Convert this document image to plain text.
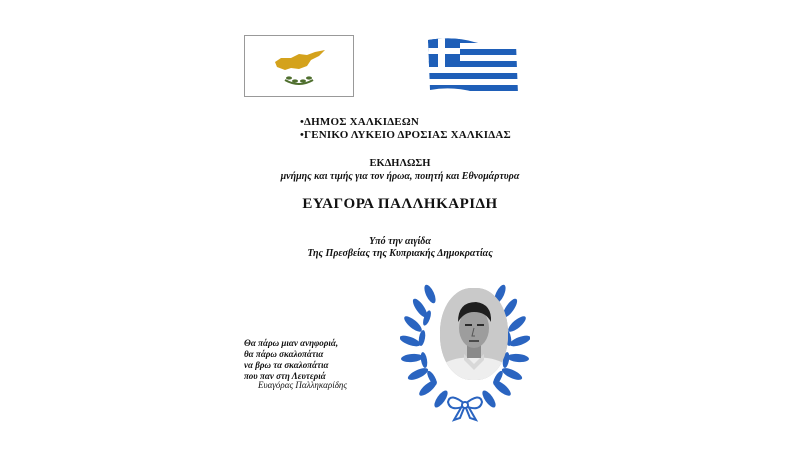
•ΔΗΜΟΣ ΧΑΛΚΙΔΕΩΝ
•ΓΕΝΙΚΟ ΛΥΚΕΙΟ ΔΡΟΣΙΑΣ ΧΑΛΚΙΔΑΣ
ΕΚΔΗΛΩΣΗ
μνήμης και τιμής για τον ήρωα, ποιητή και Εθνομάρτυρα
ΕΥΑΓΟΡΑ ΠΑΛΛΗΚΑΡΙΔΗ
Υπό την αιγίδα
Της Πρεσβείας της Κυπριακής Δημοκρατίας
Θα πάρω μιαν ανηφοριά,
θα πάρω σκαλοπάτια
να βρω τα σκαλοπάτια
που παν στη Λευτεριά
Ευαγόρας Παλληκαρίδης
